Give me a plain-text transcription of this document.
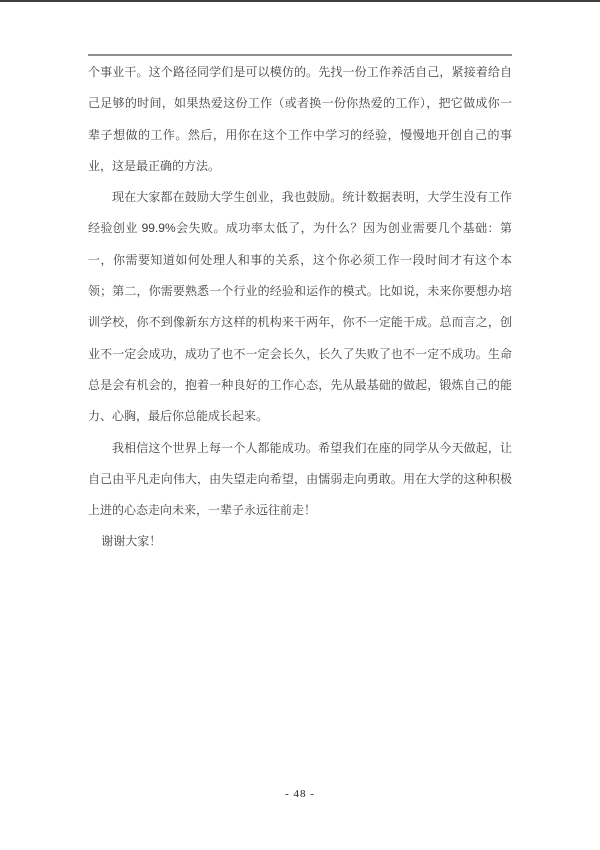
个事业干。这个路径同学们是可以模仿的。先找一份工作养活自己，紧接着给自己足够的时间，如果热爱这份工作（或者换一份你热爱的工作），把它做成你一辈子想做的工作。然后，用你在这个工作中学习的经验，慢慢地开创自己的事业，这是最正确的方法。

现在大家都在鼓励大学生创业，我也鼓励。统计数据表明，大学生没有工作经验创业 99.9%会失败。成功率太低了，为什么？因为创业需要几个基础：第一，你需要知道如何处理人和事的关系，这个你必须工作一段时间才有这个本领；第二，你需要熟悉一个行业的经验和运作的模式。比如说，未来你要想办培训学校，你不到像新东方这样的机构来干两年，你不一定能干成。总而言之，创业不一定会成功，成功了也不一定会长久，长久了失败了也不一定不成功。生命总是会有机会的，抱着一种良好的工作心态，先从最基础的做起，锻炼自己的能力、心胸，最后你总能成长起来。

我相信这个世界上每一个人都能成功。希望我们在座的同学从今天做起，让自己由平凡走向伟大，由失望走向希望，由懦弱走向勇敢。用在大学的这种积极上进的心态走向未来，一辈子永远往前走！

谢谢大家！

- 48 -
